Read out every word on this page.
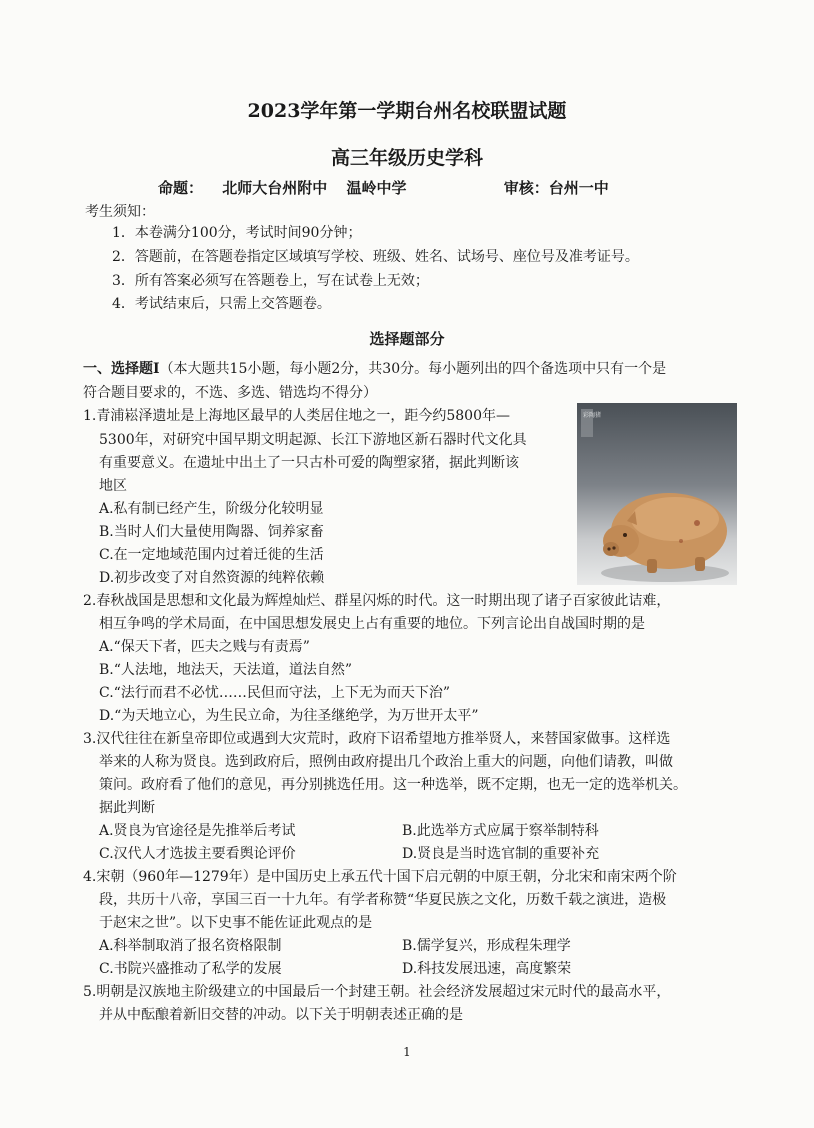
2023学年第一学期台州名校联盟试题
高三年级历史学科
命题： 北师大台州附中 温岭中学	审核：台州一中
考生须知：
1．本卷满分100分，考试时间90分钟；
2．答题前，在答题卷指定区域填写学校、班级、姓名、试场号、座位号及准考证号。
3．所有答案必须写在答题卷上，写在试卷上无效；
4．考试结束后，只需上交答题卷。
选择题部分
一、选择题Ⅰ（本大题共15小题，每小题2分，共30分。每小题列出的四个备选项中只有一个是
符合题目要求的，不选、多选、错选均不得分）
1.青浦崧泽遗址是上海地区最早的人类居住地之一，距今约5800年—
5300年，对研究中国早期文明起源、长江下游地区新石器时代文化具
有重要意义。在遗址中出土了一只古朴可爱的陶塑家猪，据此判断该
地区
A.私有制已经产生，阶级分化较明显
B.当时人们大量使用陶器、饲养家畜
C.在一定地域范围内过着迁徙的生活
D.初步改变了对自然资源的纯粹依赖
彩陶猪
2.春秋战国是思想和文化最为辉煌灿烂、群星闪烁的时代。这一时期出现了诸子百家彼此诘难，
相互争鸣的学术局面，在中国思想发展史上占有重要的地位。下列言论出自战国时期的是
A.“保天下者，匹夫之贱与有责焉”
B.“人法地，地法天，天法道，道法自然”
C.“法行而君不必忧……民但而守法，上下无为而天下治”
D.“为天地立心，为生民立命，为往圣继绝学，为万世开太平”
3.汉代往往在新皇帝即位或遇到大灾荒时，政府下诏希望地方推举贤人，来替国家做事。这样选
举来的人称为贤良。选到政府后，照例由政府提出几个政治上重大的问题，向他们请教，叫做
策问。政府看了他们的意见，再分别挑选任用。这一种选举，既不定期，也无一定的选举机关。
据此判断
A.贤良为官途径是先推举后考试	B.此选举方式应属于察举制特科
C.汉代人才选拔主要看舆论评价	D.贤良是当时选官制的重要补充
4.宋朝（960年—1279年）是中国历史上承五代十国下启元朝的中原王朝，分北宋和南宋两个阶
段，共历十八帝，享国三百一十九年。有学者称赞“华夏民族之文化，历数千载之演进，造极
于赵宋之世”。以下史事不能佐证此观点的是
A.科举制取消了报名资格限制	B.儒学复兴，形成程朱理学
C.书院兴盛推动了私学的发展	D.科技发展迅速，高度繁荣
5.明朝是汉族地主阶级建立的中国最后一个封建王朝。社会经济发展超过宋元时代的最高水平，
并从中酝酿着新旧交替的冲动。以下关于明朝表述正确的是
1
